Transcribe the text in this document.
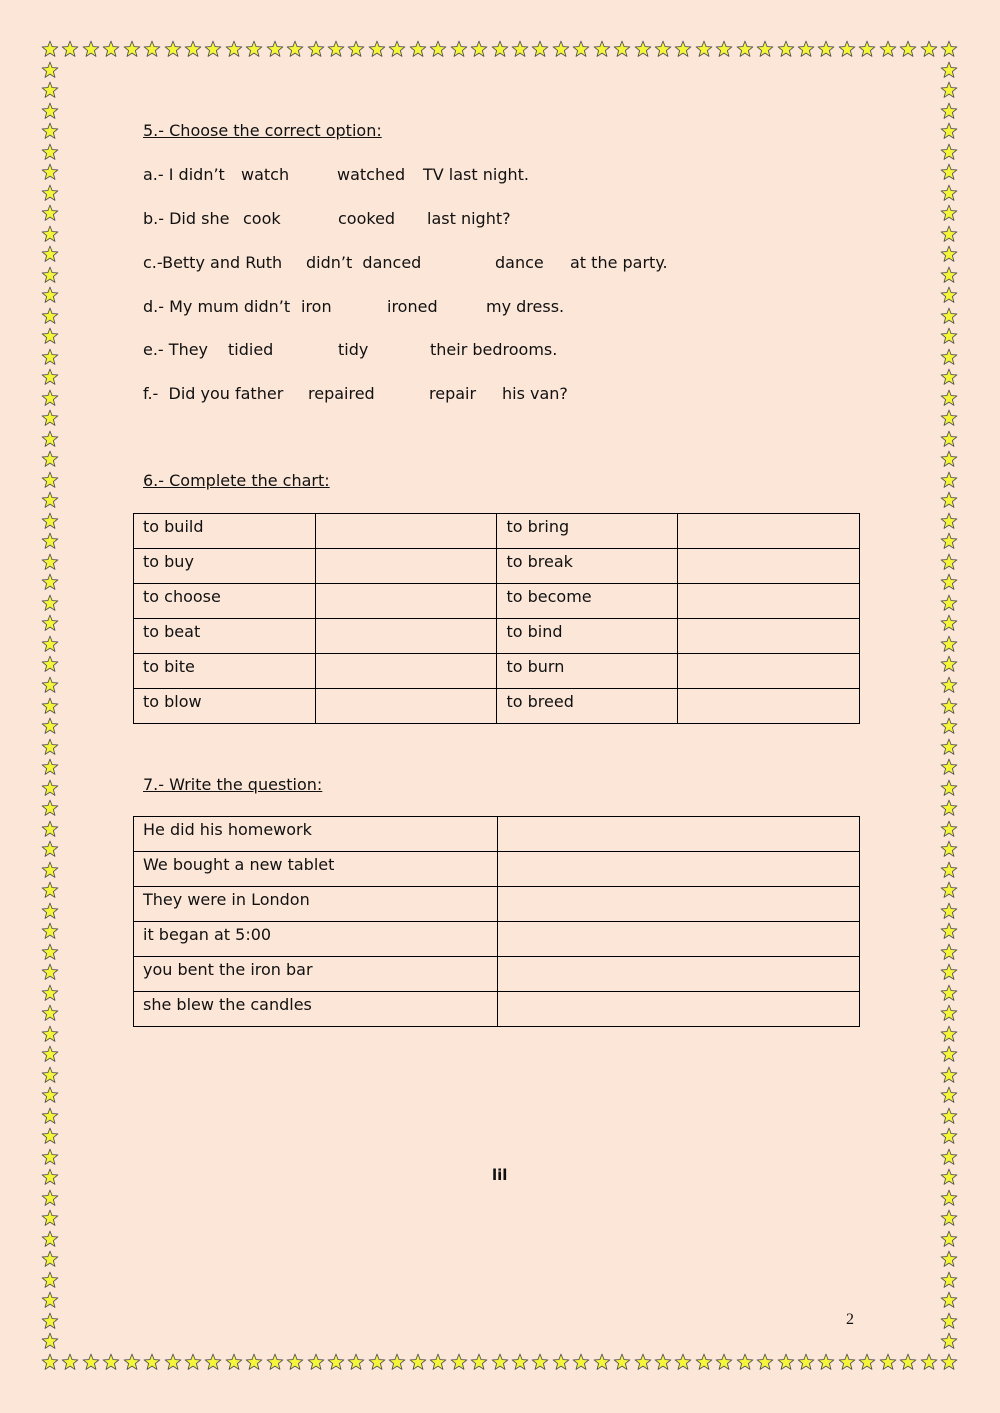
5.- Choose the correct option:
a.- I didn’t watch	watched TV last night.
b.- Did she cook	cooked last night?
c.-Betty and Ruth didn’t  danced	dance at the party.
d.- My mum didn’t iron	ironed	my dress.
e.- They tidied	tidy	their bedrooms.
f.-  Did you father repaired	repair his van?
6.- Complete the chart:
to build		to bring	
to buy		to break	
to choose		to become	
to beat		to bind	
to bite		to burn	
to blow		to breed	
7.- Write the question:
He did his homework	
We bought a new tablet	
They were in London	
it began at 5:00	
you bent the iron bar	
she blew the candles	
lil
2
